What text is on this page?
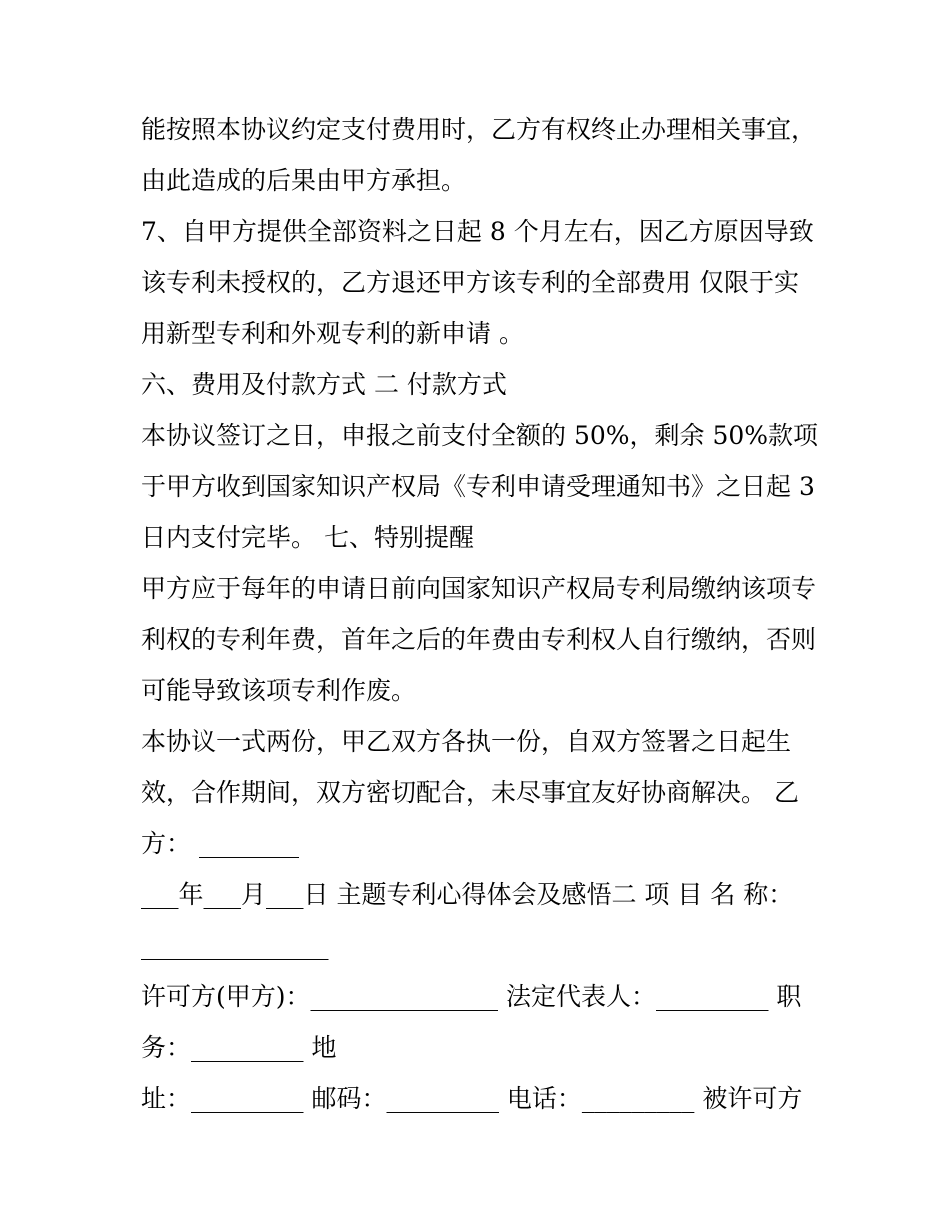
能按照本协议约定支付费用时，乙方有权终止办理相关事宜，
由此造成的后果由甲方承担。
7、自甲方提供全部资料之日起 8 个月左右，因乙方原因导致
该专利未授权的，乙方退还甲方该专利的全部费用 仅限于实
用新型专利和外观专利的新申请 。
六、费用及付款方式 二 付款方式
本协议签订之日，申报之前支付全额的 50%，剩余 50%款项
于甲方收到国家知识产权局《专利申请受理通知书》之日起 3
日内支付完毕。 七、特别提醒
甲方应于每年的申请日前向国家知识产权局专利局缴纳该项专
利权的专利年费，首年之后的年费由专利权人自行缴纳，否则
可能导致该项专利作废。
本协议一式两份，甲乙双方各执一份，自双方签署之日起生
效，合作期间，双方密切配合，未尽事宜友好协商解决。 乙
方： ________
___年___月___日 主题专利心得体会及感悟二 项 目 名 称：
_______________
许可方(甲方)：_______________ 法定代表人：_________ 职
务：_________ 地
址：_________ 邮码：_________ 电话：_________ 被许可方
